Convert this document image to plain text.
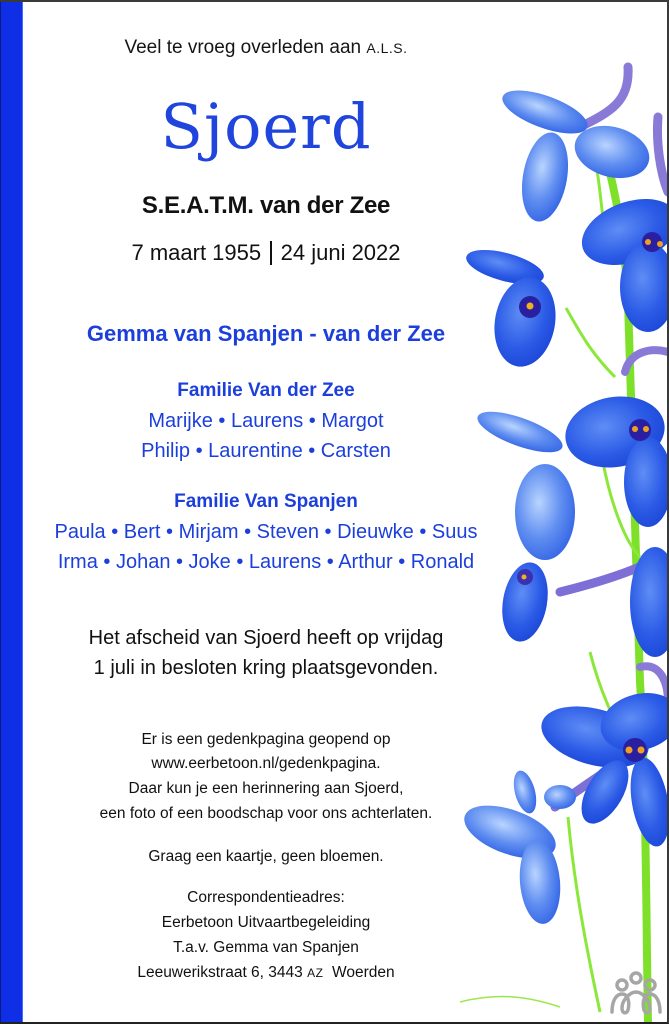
Veel te vroeg overleden aan A.L.S.
Sjoerd
S.E.A.T.M. van der Zee
7 maart 1955 24 juni 2022
Gemma van Spanjen - van der Zee
Familie Van der Zee
Marijke • Laurens • Margot
Philip • Laurentine • Carsten
Familie Van Spanjen
Paula • Bert • Mirjam • Steven • Dieuwke • Suus
Irma • Johan • Joke • Laurens • Arthur • Ronald
Het afscheid van Sjoerd heeft op vrijdag
1 juli in besloten kring plaatsgevonden.
Er is een gedenkpagina geopend op
www.eerbetoon.nl/gedenkpagina.
Daar kun je een herinnering aan Sjoerd,
een foto of een boodschap voor ons achterlaten.
Graag een kaartje, geen bloemen.
Correspondentieadres:
Eerbetoon Uitvaartbegeleiding
T.a.v. Gemma van Spanjen
Leeuwerikstraat 6, 3443 AZ Woerden
